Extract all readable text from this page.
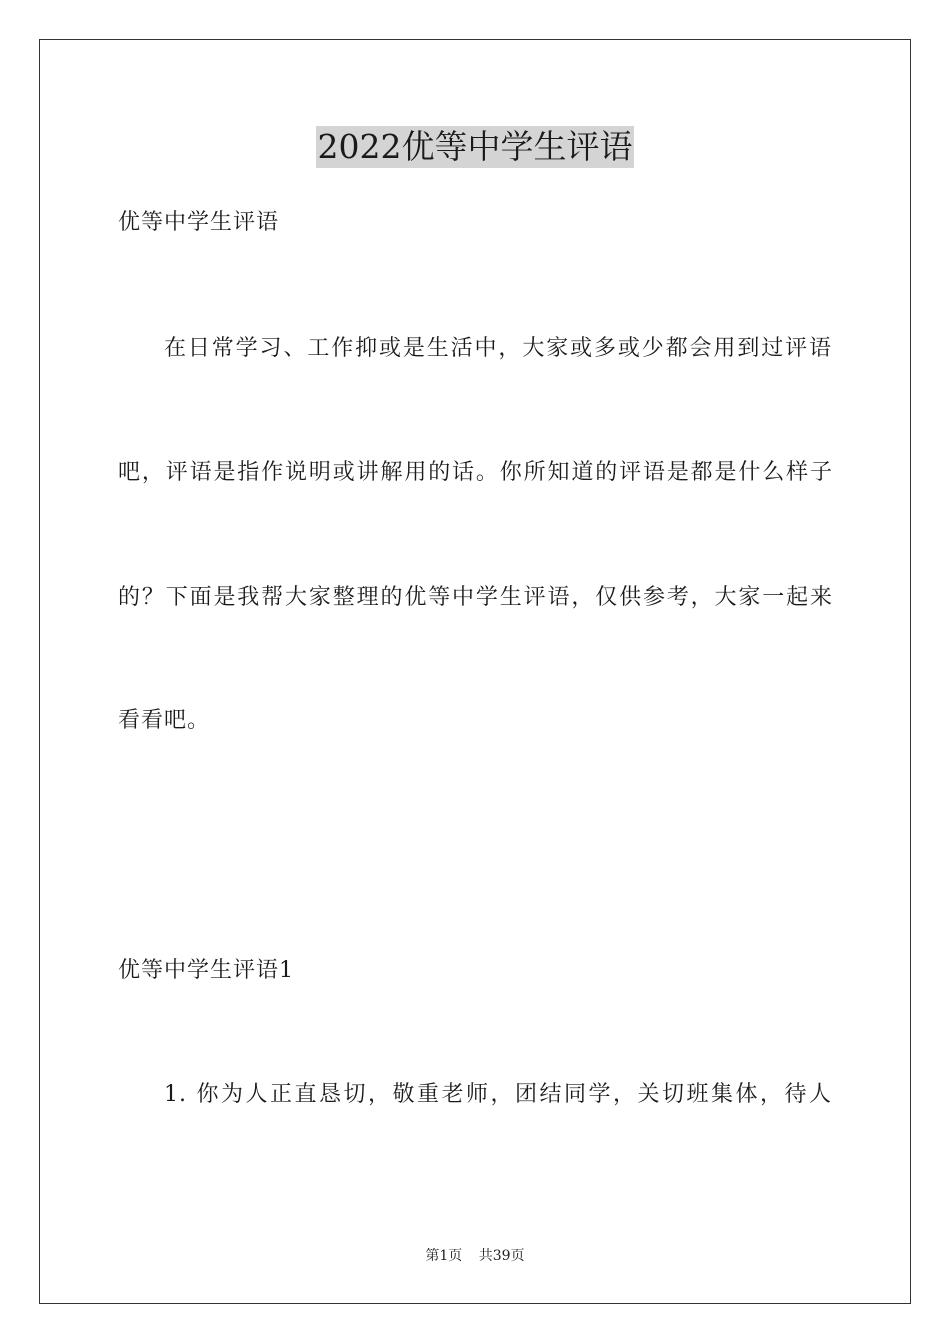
2022优等中学生评语
优等中学生评语
在日常学习、工作抑或是生活中，大家或多或少都会用到过评语
吧，评语是指作说明或讲解用的话。你所知道的评语是都是什么样子
的？下面是我帮大家整理的优等中学生评语，仅供参考，大家一起来
看看吧。
优等中学生评语1
1. 你为人正直恳切，敬重老师，团结同学，关切班集体，待人
第1页 共39页
